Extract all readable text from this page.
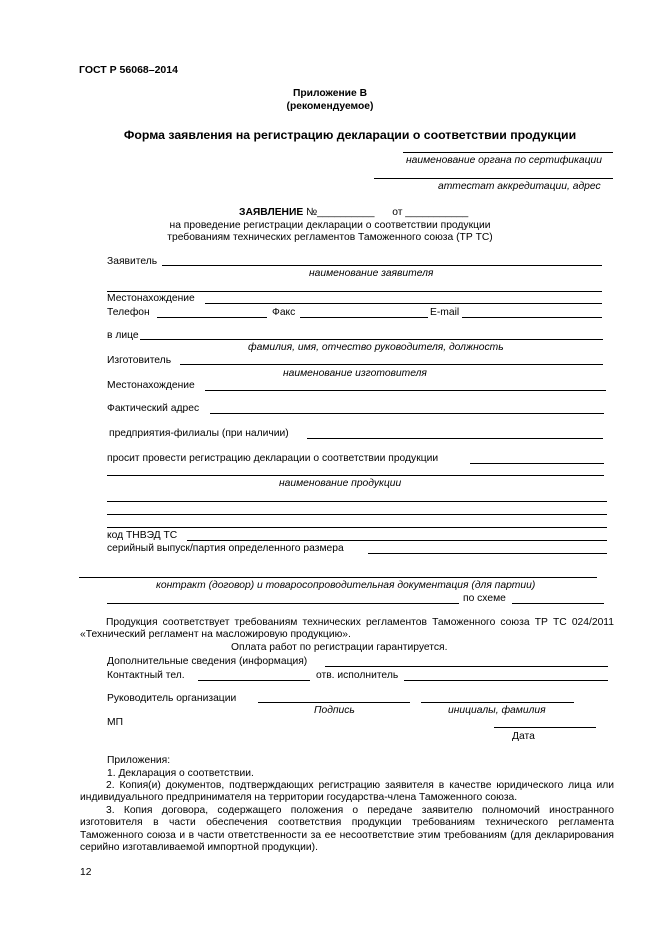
ГОСТ Р 56068–2014
Приложение В
(рекомендуемое)
Форма заявления на регистрацию декларации о соответствии продукции
наименование органа по сертификации
аттестат аккредитации, адрес
ЗАЯВЛЕНИЕ №__________ от ___________
на проведение регистрации декларации о соответствии продукции
требованиям технических регламентов Таможенного союза (ТР ТС)
Заявитель
наименование заявителя
Местонахождение
Телефон	Факс	E-mail
в лице
фамилия, имя, отчество руководителя, должность
Изготовитель
наименование изготовителя
Местонахождение
Фактический адрес
предприятия-филиалы (при наличии)
просит провести регистрацию декларации о соответствии продукции
наименование продукции
код ТНВЭД ТС
серийный выпуск/партия определенного размера
контракт (договор) и товаросопроводительная документация (для партии)
по схеме
Продукция соответствует требованиям технических регламентов Таможенного союза ТР ТС 024/2011 «Технический регламент на масложировую продукцию».
Оплата работ по регистрации гарантируется.
Дополнительные сведения (информация)
Контактный тел.	отв. исполнитель
Руководитель организации
Подпись	инициалы, фамилия
МП
Дата
Приложения:
1. Декларация о соответствии.
2. Копия(и) документов, подтверждающих регистрацию заявителя в качестве юридического лица или индивидуального предпринимателя на территории государства-члена Таможенного союза.
3. Копия договора, содержащего положения о передаче заявителю полномочий иностранного изготовителя в части обеспечения соответствия продукции требованиям технического регламента Таможенного союза и в части ответственности за ее несоответствие этим требованиям (для декларирования серийно изготавливаемой импортной продукции).
12
